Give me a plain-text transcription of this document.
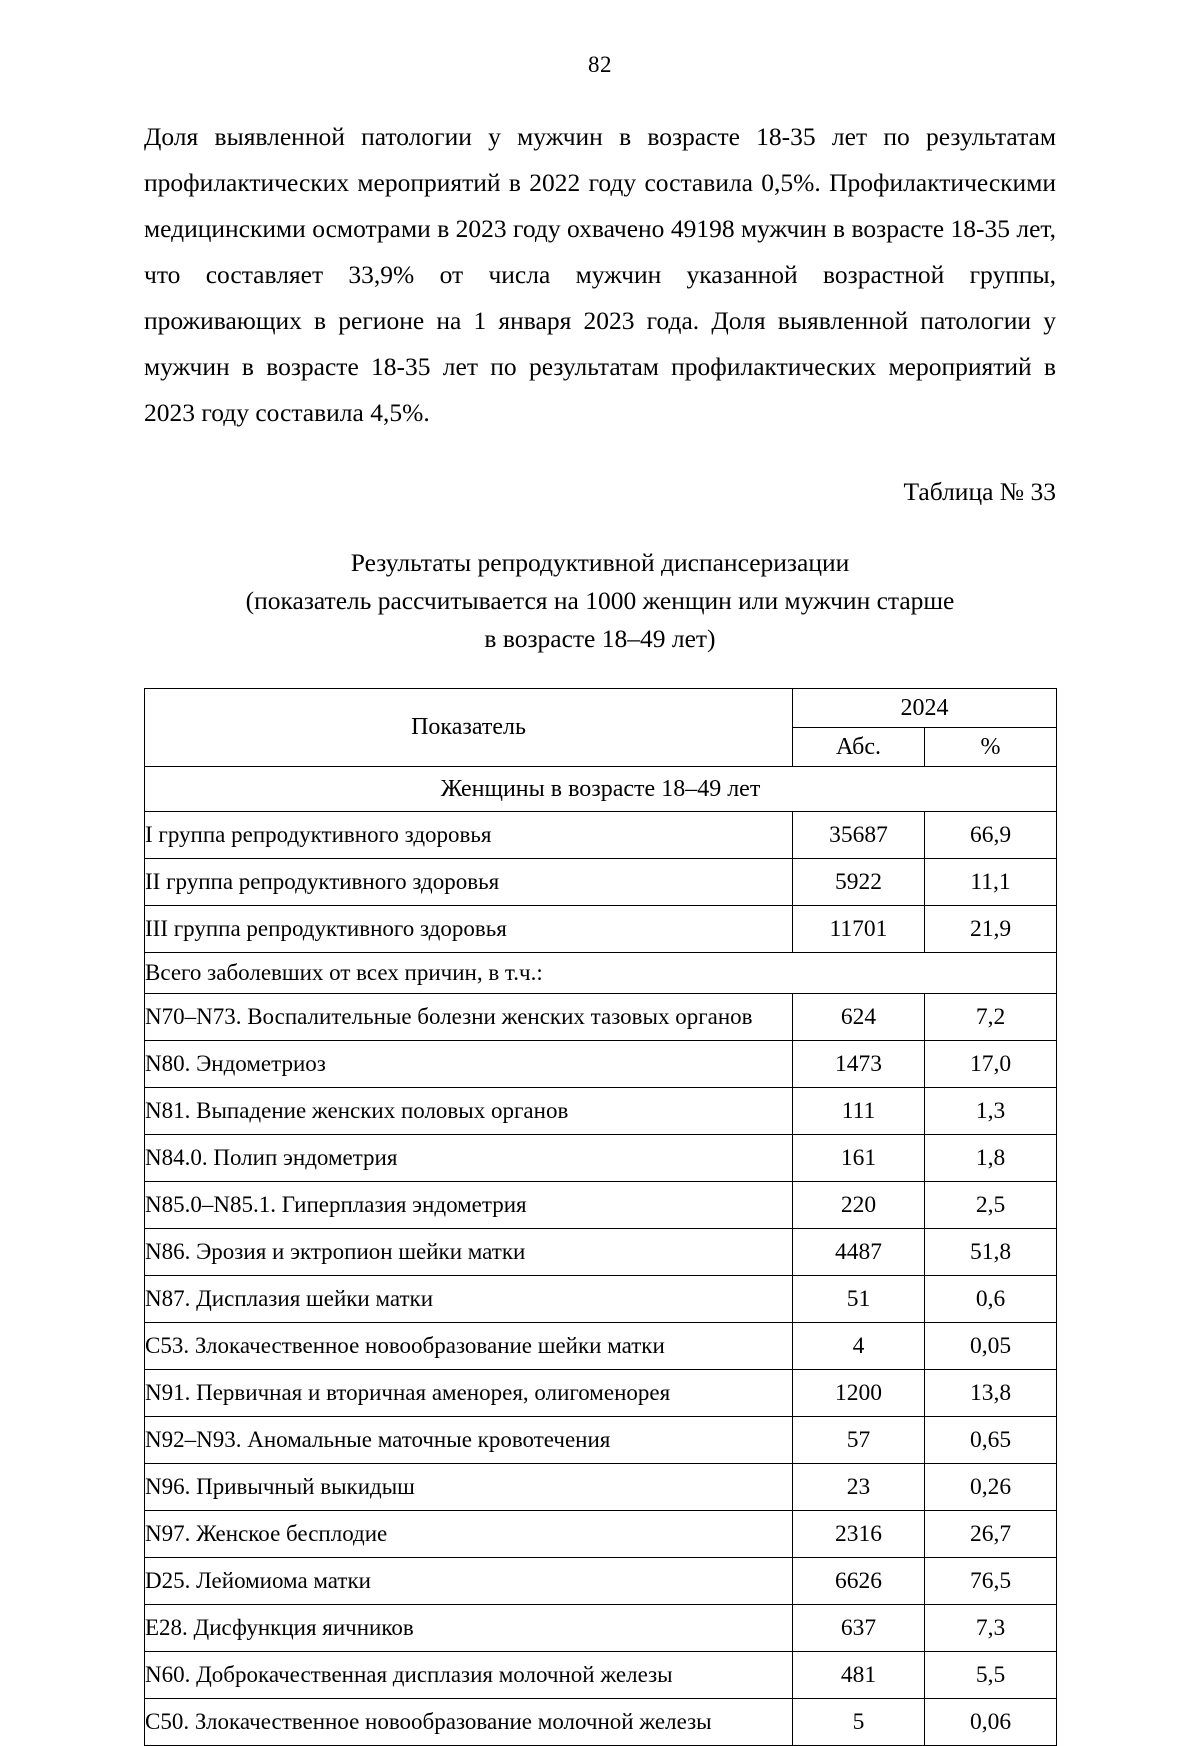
82

Доля выявленной патологии у мужчин в возрасте 18-35 лет по результатам профилактических мероприятий в 2022 году составила 0,5%. Профилактическими медицинскими осмотрами в 2023 году охвачено 49198 мужчин в возрасте 18-35 лет, что составляет 33,9% от числа мужчин указанной возрастной группы, проживающих в регионе на 1 января 2023 года. Доля выявленной патологии у мужчин в возрасте 18-35 лет по результатам профилактических мероприятий в 2023 году составила 4,5%.

Таблица № 33
Результаты репродуктивной диспансеризации
(показатель рассчитывается на 1000 женщин или мужчин старше
в возрасте 18–49 лет)
Показатель	2024	
	Абс.	%
Женщины в возрасте 18–49 лет		
I группа репродуктивного здоровья	35687	66,9
II группа репродуктивного здоровья	5922	11,1
III группа репродуктивного здоровья	11701	21,9
Всего заболевших от всех причин, в т.ч.:		
N70–N73. Воспалительные болезни женских тазовых органов	624	7,2
N80. Эндометриоз	1473	17,0
N81. Выпадение женских половых органов	111	1,3
N84.0. Полип эндометрия	161	1,8
N85.0–N85.1. Гиперплазия эндометрия	220	2,5
N86. Эрозия и эктропион шейки матки	4487	51,8
N87. Дисплазия шейки матки	51	0,6
С53. Злокачественное новообразование шейки матки	4	0,05
N91. Первичная и вторичная аменорея, олигоменорея	1200	13,8
N92–N93. Аномальные маточные кровотечения	57	0,65
N96. Привычный выкидыш	23	0,26
N97. Женское бесплодие	2316	26,7
D25. Лейомиома матки	6626	76,5
Е28. Дисфункция яичников	637	7,3
N60. Доброкачественная дисплазия молочной железы	481	5,5
С50. Злокачественное новообразование молочной железы	5	0,06
